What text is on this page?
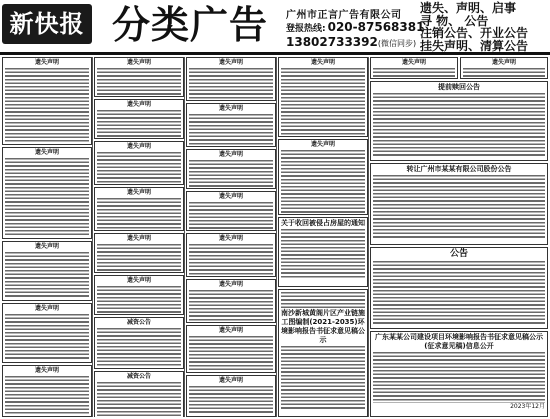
新快报 分类广告 广州市正言广告有限公司
登报热线: 020-87568381
13802733392(微信同步)
遗失、声明、启事
寻 物、 公告
注销公告、开业公告
挂失声明、清算公告
遗失声明
遗失声明
遗失声明
遗失声明
遗失声明
遗失声明
遗失声明
遗失声明
遗失声明
遗失声明
遗失声明
减资公告
减资公告
遗失声明
遗失声明
遗失声明
遗失声明
遗失声明
遗失声明
遗失声明
遗失声明
遗失声明
遗失声明
关于收回被侵占房屋的通知
南沙新城黄阁片区产业链施工图编制(2021-2035)环境影响报告书征求意见稿公示
遗失声明	遗失声明
提前赎回公告
转让广州市某某有限公司股份公告
公告
广东某某公司建设项目环境影响报告书征求意见稿公示
(征求意见稿)信息公开
2023年12月
